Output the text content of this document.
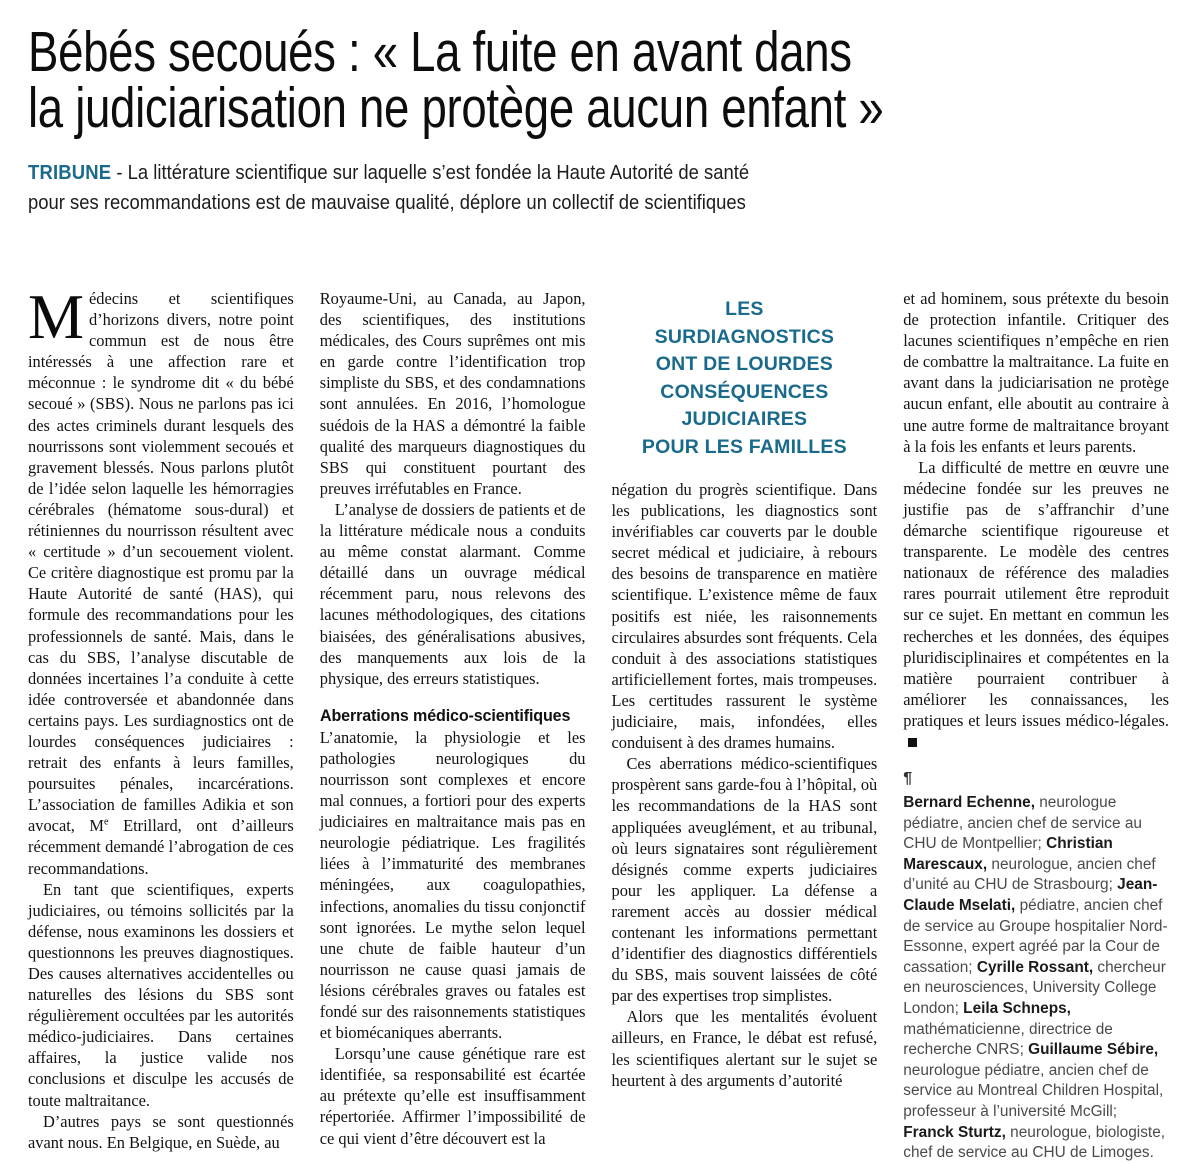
Bébés secoués : « La fuite en avant dans
la judiciarisation ne protège aucun enfant »
TRIBUNE - La littérature scientifique sur laquelle s’est fondée la Haute Autorité de santé
pour ses recommandations est de mauvaise qualité, déplore un collectif de scientifiques

Médecins et scientifiques d’horizons divers, notre point commun est de nous être intéressés à une affection rare et méconnue : le syndrome dit « du bébé secoué » (SBS). Nous ne parlons pas ici des actes criminels durant lesquels des nourrissons sont violemment secoués et gravement blessés. Nous parlons plutôt de l’idée selon laquelle les hémorragies cérébrales (hématome sous-dural) et rétiniennes du nourrisson résultent avec « certitude » d’un secouement violent. Ce critère diagnostique est promu par la Haute Autorité de santé (HAS), qui formule des recommandations pour les professionnels de santé. Mais, dans le cas du SBS, l’analyse discutable de données incertaines l’a conduite à cette idée controversée et abandonnée dans certains pays. Les surdiagnostics ont de lourdes conséquences judiciaires : retrait des enfants à leurs familles, poursuites pénales, incarcérations. L’association de familles Adikia et son avocat, Me Etrillard, ont d’ailleurs récemment demandé l’abrogation de ces recommandations.

En tant que scientifiques, experts judiciaires, ou témoins sollicités par la défense, nous examinons les dossiers et questionnons les preuves diagnostiques. Des causes alternatives accidentelles ou naturelles des lésions du SBS sont régulièrement occultées par les autorités médico-judiciaires. Dans certaines affaires, la justice valide nos conclusions et disculpe les accusés de toute maltraitance.

D’autres pays se sont questionnés avant nous. En Belgique, en Suède, au

Royaume-Uni, au Canada, au Japon, des scientifiques, des institutions médicales, des Cours suprêmes ont mis en garde contre l’identification trop simpliste du SBS, et des condamnations sont annulées. En 2016, l’homologue suédois de la HAS a démontré la faible qualité des marqueurs diagnostiques du SBS qui constituent pourtant des preuves irréfutables en France.

L’analyse de dossiers de patients et de la littérature médicale nous a conduits au même constat alarmant. Comme détaillé dans un ouvrage médical récemment paru, nous relevons des lacunes méthodologiques, des citations biaisées, des généralisations abusives, des manquements aux lois de la physique, des erreurs statistiques.

Aberrations médico-scientifiques

L’anatomie, la physiologie et les pathologies neurologiques du nourrisson sont complexes et encore mal connues, a fortiori pour des experts judiciaires en maltraitance mais pas en neurologie pédiatrique. Les fragilités liées à l’immaturité des membranes méningées, aux coagulopathies, infections, anomalies du tissu conjonctif sont ignorées. Le mythe selon lequel une chute de faible hauteur d’un nourrisson ne cause quasi jamais de lésions cérébrales graves ou fatales est fondé sur des raisonnements statistiques et biomécaniques aberrants.

Lorsqu’une cause génétique rare est identifiée, sa responsabilité est écartée au prétexte qu’elle est insuffisamment répertoriée. Affirmer l’impossibilité de ce qui vient d’être découvert est la

LES
SURDIAGNOSTICS
ONT DE LOURDES
CONSÉQUENCES
JUDICIAIRES
POUR LES FAMILLES

négation du progrès scientifique. Dans les publications, les diagnostics sont invérifiables car couverts par le double secret médical et judiciaire, à rebours des besoins de transparence en matière scientifique. L’existence même de faux positifs est niée, les raisonnements circulaires absurdes sont fréquents. Cela conduit à des associations statistiques artificiellement fortes, mais trompeuses. Les certitudes rassurent le système judiciaire, mais, infondées, elles conduisent à des drames humains.

Ces aberrations médico-scientifiques prospèrent sans garde-fou à l’hôpital, où les recommandations de la HAS sont appliquées aveuglément, et au tribunal, où leurs signataires sont régulièrement désignés comme experts judiciaires pour les appliquer. La défense a rarement accès au dossier médical contenant les informations permettant d’identifier des diagnostics différentiels du SBS, mais souvent laissées de côté par des expertises trop simplistes.

Alors que les mentalités évoluent ailleurs, en France, le débat est refusé, les scientifiques alertant sur le sujet se heurtent à des arguments d’autorité

et ad hominem, sous prétexte du besoin de protection infantile. Critiquer des lacunes scientifiques n’empêche en rien de combattre la maltraitance. La fuite en avant dans la judiciarisation ne protège aucun enfant, elle aboutit au contraire à une autre forme de maltraitance broyant à la fois les enfants et leurs parents.

La difficulté de mettre en œuvre une médecine fondée sur les preuves ne justifie pas de s’affranchir d’une démarche scientifique rigoureuse et transparente. Le modèle des centres nationaux de référence des maladies rares pourrait utilement être reproduit sur ce sujet. En mettant en commun les recherches et les données, des équipes pluridisciplinaires et compétentes en la matière pourraient contribuer à améliorer les connaissances, les pratiques et leurs issues médico-légales.

¶
Bernard Echenne, neurologue pédiatre, ancien chef de service au CHU de Montpellier; Christian Marescaux, neurologue, ancien chef d’unité au CHU de Strasbourg; Jean-Claude Mselati, pédiatre, ancien chef de service au Groupe hospitalier Nord-Essonne, expert agréé par la Cour de cassation; Cyrille Rossant, chercheur en neurosciences, University College London; Leila Schneps, mathématicienne, directrice de recherche CNRS; Guillaume Sébire, neurologue pédiatre, ancien chef de service au Montreal Children Hospital, professeur à l’université McGill; Franck Sturtz, neurologue, biologiste, chef de service au CHU de Limoges.
